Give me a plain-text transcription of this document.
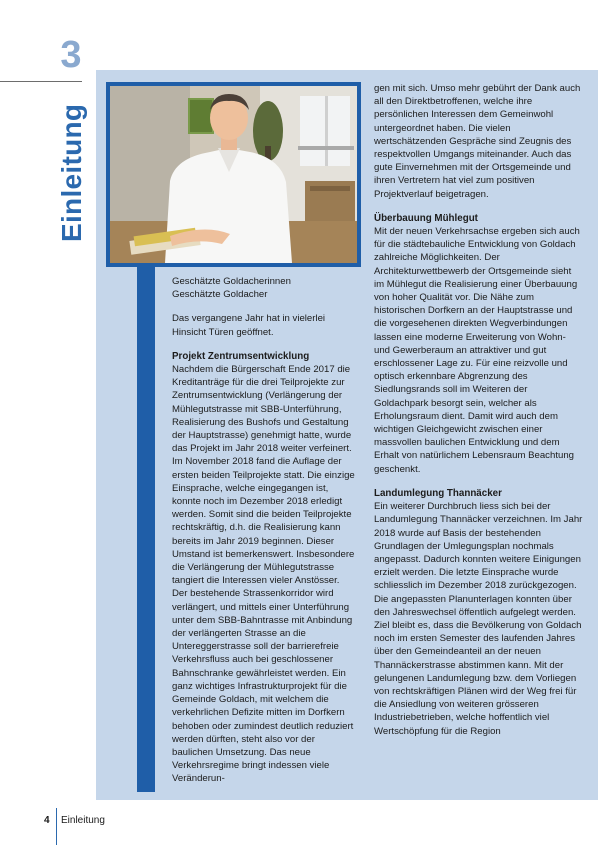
3
Einleitung

Geschätzte Goldacherinnen

Geschätzte Goldacher

Das vergangene Jahr hat in vielerlei Hinsicht Türen geöffnet.

Projekt Zentrumsentwicklung

Nachdem die Bürgerschaft Ende 2017 die Kreditanträge für die drei Teilprojekte zur Zentrumsentwicklung (Verlängerung der Mühlegutstrasse mit SBB-Unterführung, Realisierung des Bushofs und Gestaltung der Hauptstrasse) genehmigt hatte, wurde das Projekt im Jahr 2018 weiter verfeinert. Im November 2018 fand die Auflage der ersten beiden Teilprojekte statt. Die einzige Einsprache, welche eingegangen ist, konnte noch im Dezember 2018 erledigt werden. Somit sind die beiden Teilprojekte rechtskräftig, d.h. die Realisierung kann bereits im Jahr 2019 beginnen. Dieser Umstand ist bemerkenswert. Insbesondere die Verlängerung der Mühlegutstrasse tangiert die Interessen vieler Anstösser. Der bestehende Strassenkorridor wird verlängert, und mittels einer Unterführung unter dem SBB-Bahntrasse mit Anbindung der verlängerten Strasse an die Untereggerstrasse soll der barrierefreie Verkehrsfluss auch bei geschlossener Bahnschranke gewährleistet werden. Ein ganz wichtiges Infrastrukturprojekt für die Gemeinde Goldach, mit welchem die verkehrlichen Defizite mitten im Dorfkern behoben oder zumindest deutlich reduziert werden dürften, steht also vor der baulichen Umsetzung. Das neue Verkehrsregime bringt indessen viele Veränderun-

gen mit sich. Umso mehr gebührt der Dank auch all den Direktbetroffenen, welche ihre persönlichen Interessen dem Gemeinwohl untergeordnet haben. Die vielen wertschätzenden Gespräche sind Zeugnis des respektvollen Umgangs miteinander. Auch das gute Einvernehmen mit der Ortsgemeinde und ihren Vertretern hat viel zum positiven Projektverlauf beigetragen.

Überbauung Mühlegut

Mit der neuen Verkehrsachse ergeben sich auch für die städtebauliche Entwicklung von Goldach zahlreiche Möglichkeiten. Der Architekturwettbewerb der Ortsgemeinde sieht im Mühlegut die Realisierung einer Überbauung von hoher Qualität vor. Die Nähe zum historischen Dorfkern an der Hauptstrasse und die vorgesehenen direkten Wegverbindungen lassen eine moderne Erweiterung von Wohn- und Gewerberaum an attraktiver und gut erschlossener Lage zu. Für eine reizvolle und optisch erkennbare Abgrenzung des Siedlungsrands soll im Weiteren der Goldachpark besorgt sein, welcher als Erholungsraum dient. Damit wird auch dem wichtigen Gleichgewicht zwischen einer massvollen baulichen Entwicklung und dem Erhalt von natürlichem Lebensraum Beachtung geschenkt.

Landumlegung Thannäcker

Ein weiterer Durchbruch liess sich bei der Landumlegung Thannäcker verzeichnen. Im Jahr 2018 wurde auf Basis der bestehenden Grundlagen der Umlegungsplan nochmals angepasst. Dadurch konnten weitere Einigungen erzielt werden. Die letzte Einsprache wurde schliesslich im Dezember 2018 zurückgezogen. Die angepassten Planunterlagen konnten über den Jahreswechsel öffentlich aufgelegt werden. Ziel bleibt es, dass die Bevölkerung von Goldach noch im ersten Semester des laufenden Jahres über den Gemeindeanteil an der neuen Thannäckerstrasse abstimmen kann. Mit der gelungenen Landumlegung bzw. dem Vorliegen von rechtskräftigen Plänen wird der Weg frei für die Ansiedlung von weiteren grösseren Industriebetrieben, welche hoffentlich viel Wertschöpfung für die Region

4 Einleitung
